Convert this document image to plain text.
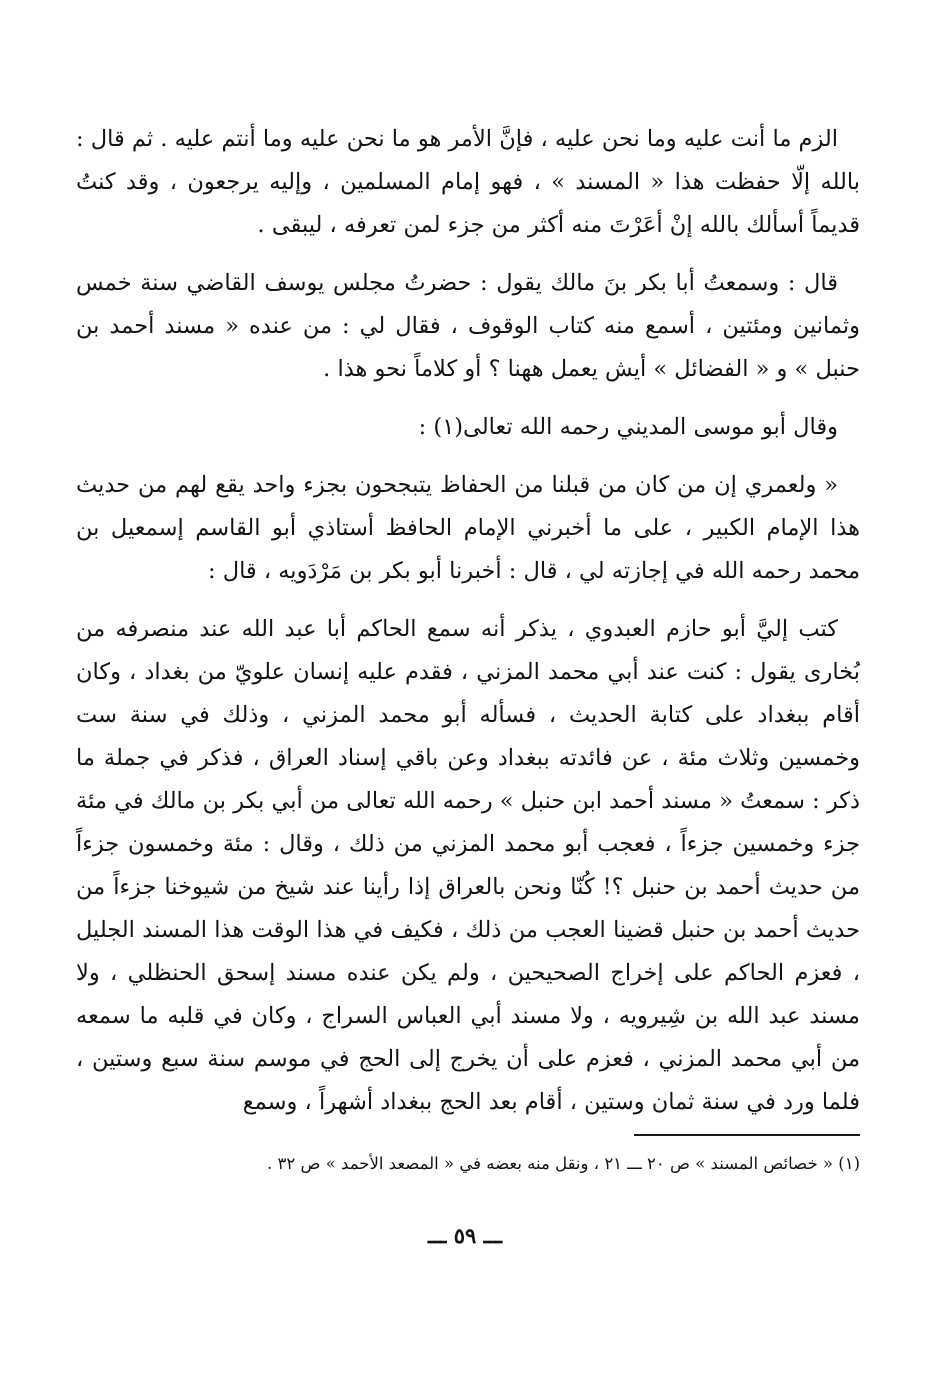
الزم ما أنت عليه وما نحن عليه ، فإنَّ الأمر هو ما نحن عليه وما أنتم عليه . ثم قال : بالله إلّا حفظت هذا « المسند » ، فهو إمام المسلمين ، وإليه يرجعون ، وقد كنتُ قديماً أسألك بالله إنْ أعَرْتَ منه أكثر من جزء لمن تعرفه ، ليبقى .

قال : وسمعتُ أبا بكر بنَ مالك يقول : حضرتُ مجلس يوسف القاضي سنة خمس وثمانين ومئتين ، أسمع منه كتاب الوقوف ، فقال لي : من عنده « مسند أحمد بن حنبل » و « الفضائل » أيش يعمل ههنا ؟ أو كلاماً نحو هذا .

وقال أبو موسى المديني رحمه الله تعالى(١) :

« ولعمري إن من كان من قبلنا من الحفاظ يتبجحون بجزء واحد يقع لهم من حديث هذا الإمام الكبير ، على ما أخبرني الإمام الحافظ أستاذي أبو القاسم إسمعيل بن محمد رحمه الله في إجازته لي ، قال : أخبرنا أبو بكر بن مَرْدَويه ، قال :

كتب إليَّ أبو حازم العبدوي ، يذكر أنه سمع الحاكم أبا عبد الله عند منصرفه من بُخارى يقول : كنت عند أبي محمد المزني ، فقدم عليه إنسان علويّ من بغداد ، وكان أقام ببغداد على كتابة الحديث ، فسأله أبو محمد المزني ، وذلك في سنة ست وخمسين وثلاث مئة ، عن فائدته ببغداد وعن باقي إسناد العراق ، فذكر في جملة ما ذكر : سمعتُ « مسند أحمد ابن حنبل » رحمه الله تعالى من أبي بكر بن مالك في مئة جزء وخمسين جزءاً ، فعجب أبو محمد المزني من ذلك ، وقال : مئة وخمسون جزءاً من حديث أحمد بن حنبل ؟! كُنّا ونحن بالعراق إذا رأينا عند شيخ من شيوخنا جزءاً من حديث أحمد بن حنبل قضينا العجب من ذلك ، فكيف في هذا الوقت هذا المسند الجليل ، فعزم الحاكم على إخراج الصحيحين ، ولم يكن عنده مسند إسحق الحنظلي ، ولا مسند عبد الله بن شِيرويه ، ولا مسند أبي العباس السراج ، وكان في قلبه ما سمعه من أبي محمد المزني ، فعزم على أن يخرج إلى الحج في موسم سنة سبع وستين ، فلما ورد في سنة ثمان وستين ، أقام بعد الحج ببغداد أشهراً ، وسمع

(١) « خصائص المسند » ص ٢٠ ـــ ٢١ ، ونقل منه بعضه في « المصعد الأحمد » ص ٣٢ .

ـــ ٥٩ ـــ
